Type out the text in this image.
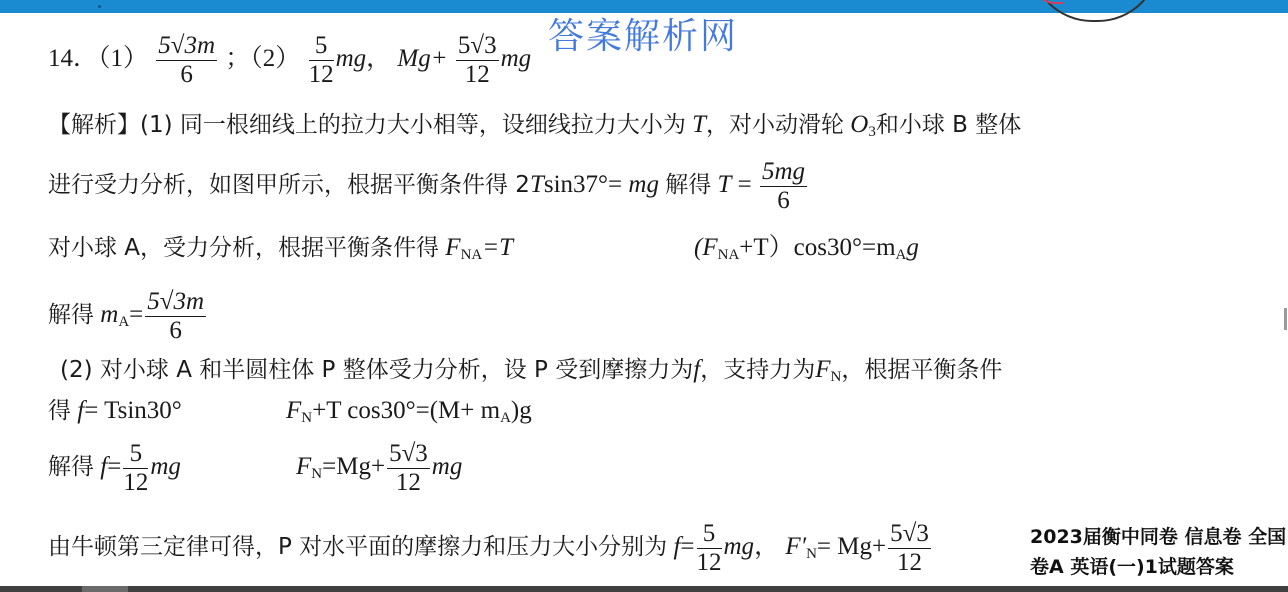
答案解析网
14．$(1) \frac{5√3m}{6}$ ；$(2) \frac{5}{12}$ mg， $Mg+ \frac{5√3}{12}$ mg
【解析】(1) 同一根细线上的拉力大小相等，设细线拉力大小为 T，对小动滑轮 $O_3$和小球 B 整体
进行受力分析，如图甲所示，根据平衡条件得 2Tsin37°= mg 解得 $T = \frac{5mg}{6}$
对小球 A，受力分析，根据平衡条件得 $F_{NA}=T$	$(F_{NA}+T)\cos 30^\circ=m_Ag$
解得 $m_A= \frac{5√3m}{6}$
(2) 对小球 A 和半圆柱体 P 整体受力分析，设 P 受到摩擦力为f，支持力为$F_N$，根据平衡条件
得 f= Tsin30°	$F_N+T$ $\cos 30^\circ=(M+ m_A)g$
解得 $f= \frac{5}{12}$ mg	$F_N=Mg+ \frac{5√3}{12}$ mg
由牛顿第三定律可得，P 对水平面的摩擦力和压力大小分别为 $f= \frac{5}{12}$ mg， $F'_N= Mg+ \frac{5√3}{12}$	2023届衡中同卷 信息卷 全国卷A 英语(一)1试题答案
